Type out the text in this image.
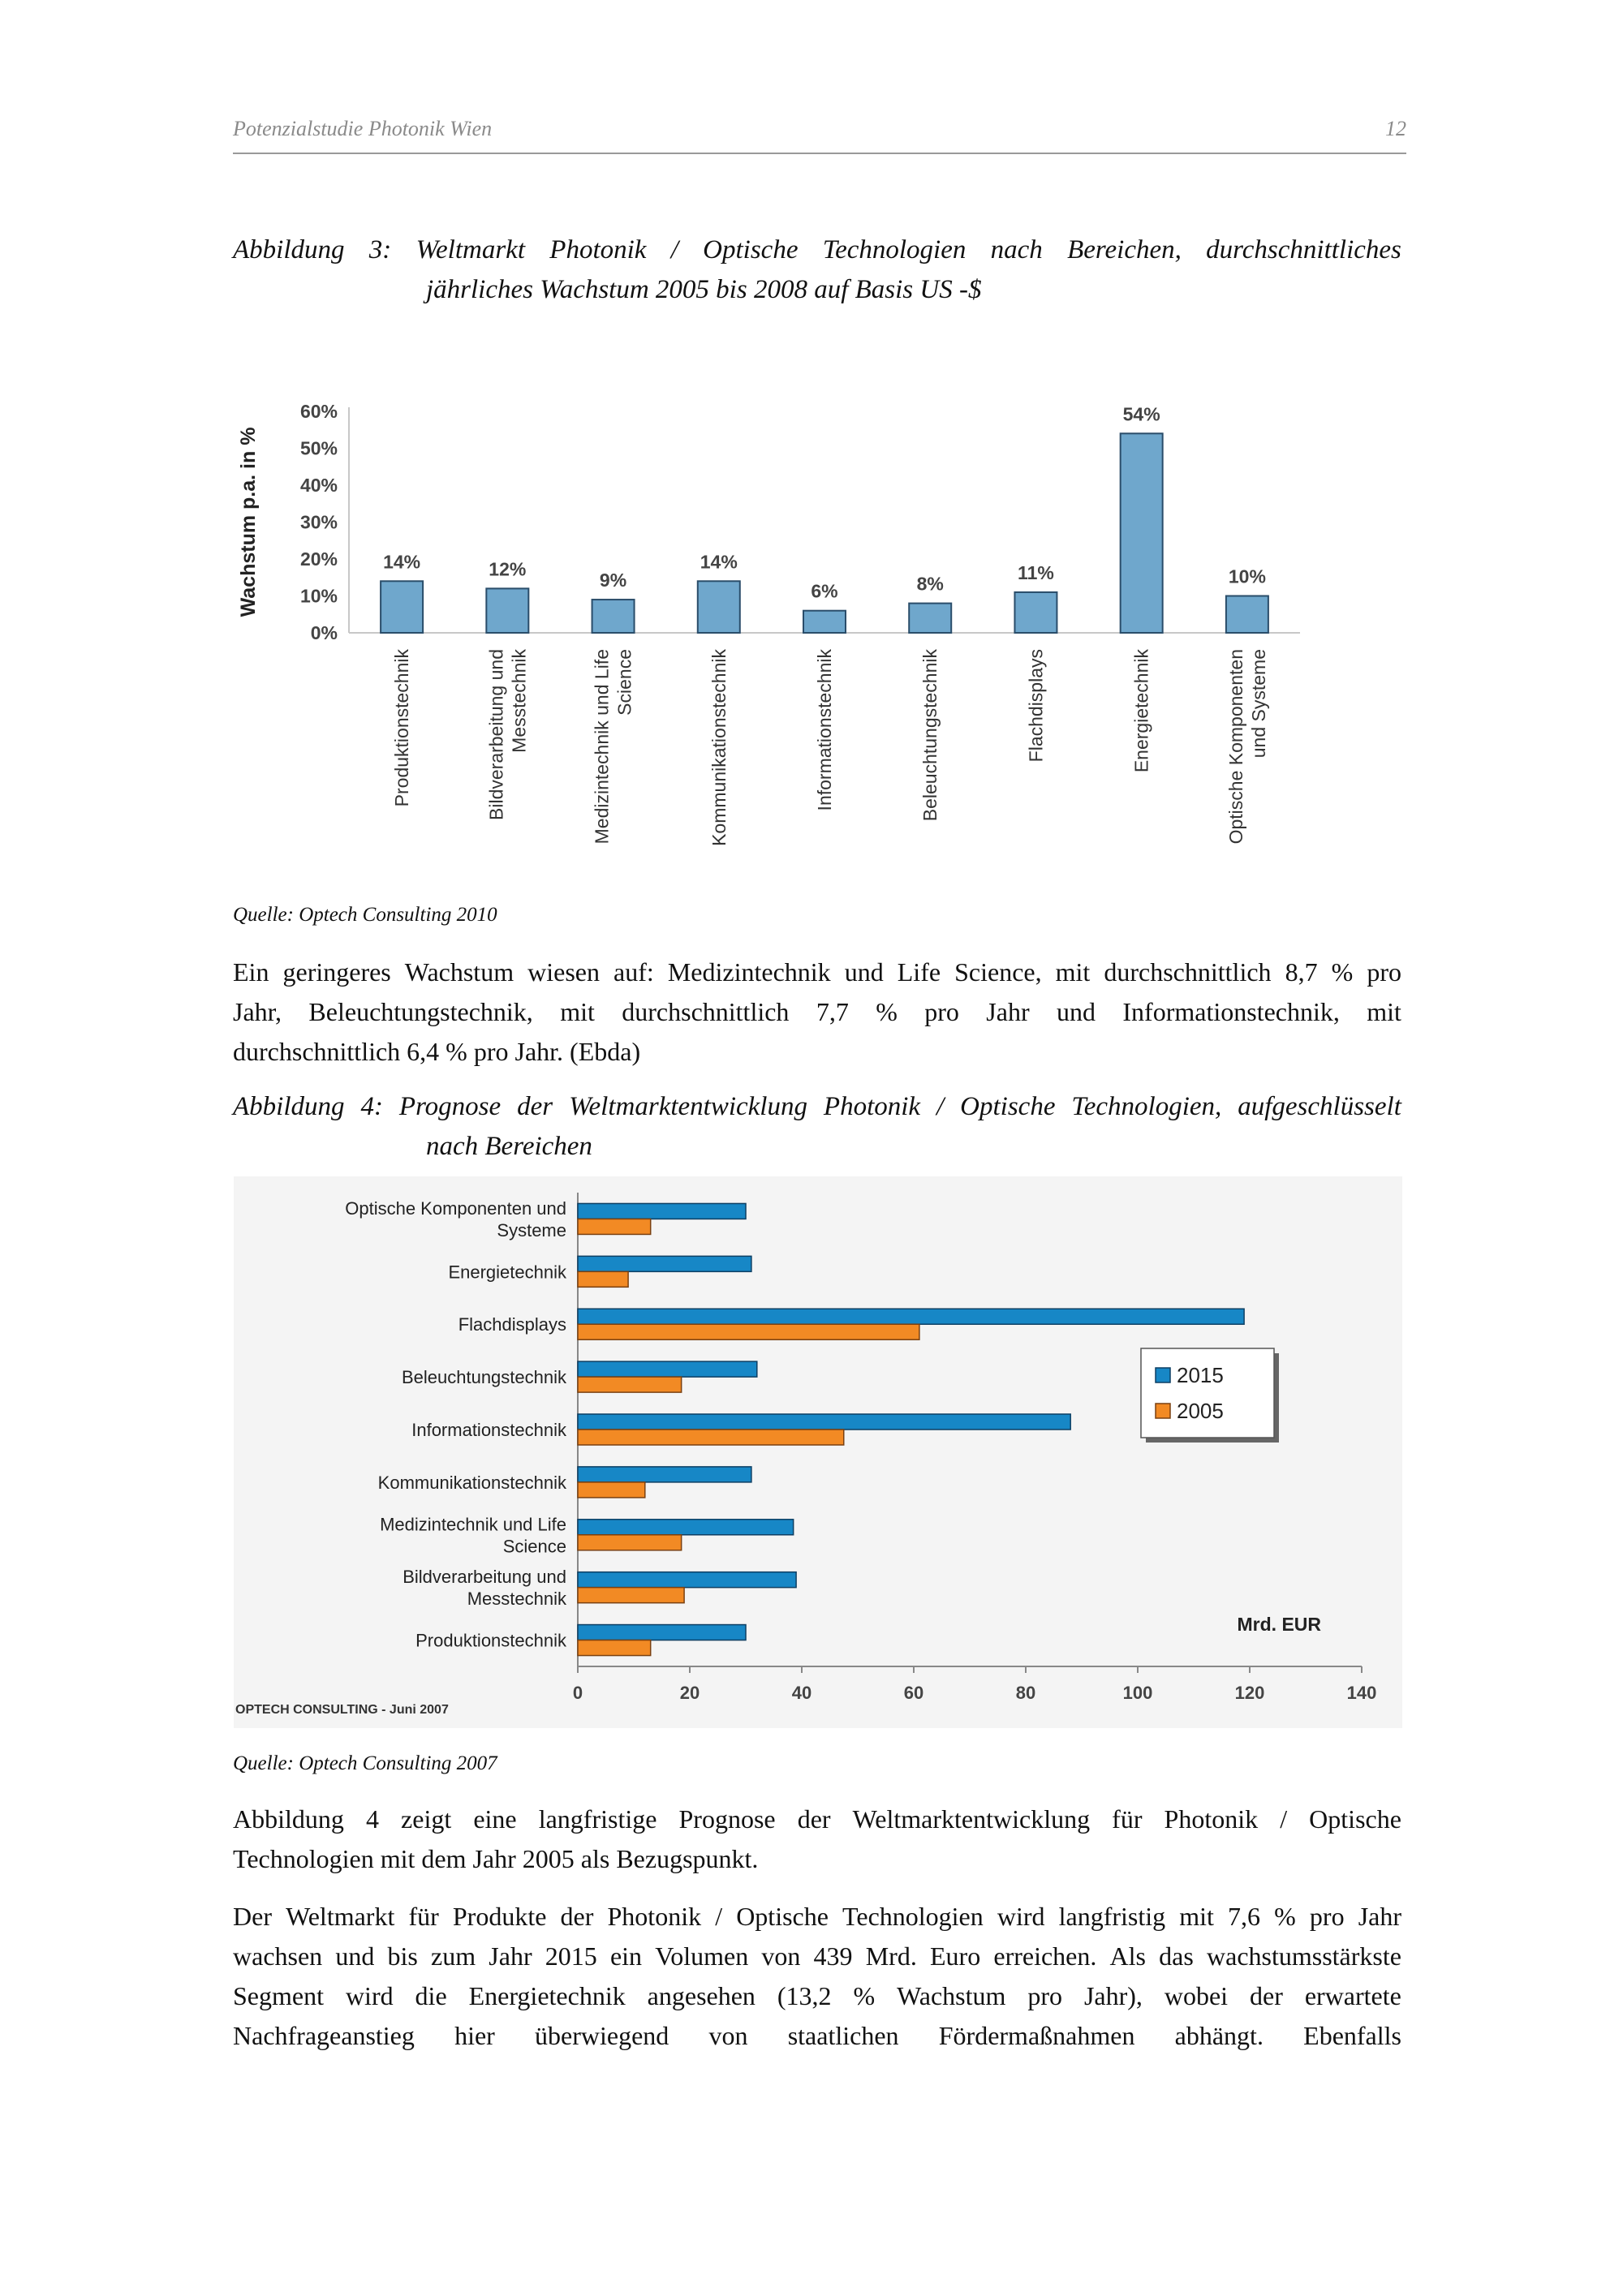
Potenzialstudie Photonik Wien	12
Abbildung 3: Weltmarkt Photonik / Optische Technologien nach Bereichen, durchschnittliches
jährliches Wachstum 2005 bis 2008 auf Basis US -$
0%
10%
20%
30%
40%
50%
60%
Wachstum p.a. in %	14%
Produktionstechnik
12%
Bildverarbeitung und Messtechnik
9%
Medizintechnik und Life Science
14%
Kommunikationstechnik
6%
Informationstechnik
8%
Beleuchtungstechnik
11%
Flachdisplays
54%
Energietechnik
10%
Optische Komponenten und Systeme
Quelle: Optech Consulting 2010
Ein geringeres Wachstum wiesen auf: Medizintechnik und Life Science, mit durchschnittlich 8,7 % pro
Jahr, Beleuchtungstechnik, mit durchschnittlich 7,7 % pro Jahr und Informationstechnik, mit
durchschnittlich 6,4 % pro Jahr. (Ebda)
Abbildung 4: Prognose der Weltmarktentwicklung Photonik / Optische Technologien, aufgeschlüsselt
nach Bereichen
0	20	40	60	80	100	120	140
Optische Komponenten und
Systeme
Energietechnik
Flachdisplays
Beleuchtungstechnik
Informationstechnik
Kommunikationstechnik
Medizintechnik und Life
Science
Bildverarbeitung und
Messtechnik
Produktionstechnik
2015
2005
Mrd. EUR
OPTECH CONSULTING - Juni 2007
Quelle: Optech Consulting 2007
Abbildung 4 zeigt eine langfristige Prognose der Weltmarktentwicklung für Photonik / Optische
Technologien mit dem Jahr 2005 als Bezugspunkt.
Der Weltmarkt für Produkte der Photonik / Optische Technologien wird langfristig mit 7,6 % pro Jahr
wachsen und bis zum Jahr 2015 ein Volumen von 439 Mrd. Euro erreichen. Als das wachstumsstärkste
Segment wird die Energietechnik angesehen (13,2 % Wachstum pro Jahr), wobei der erwartete
Nachfrageanstieg hier überwiegend von staatlichen Fördermaßnahmen abhängt. Ebenfalls
